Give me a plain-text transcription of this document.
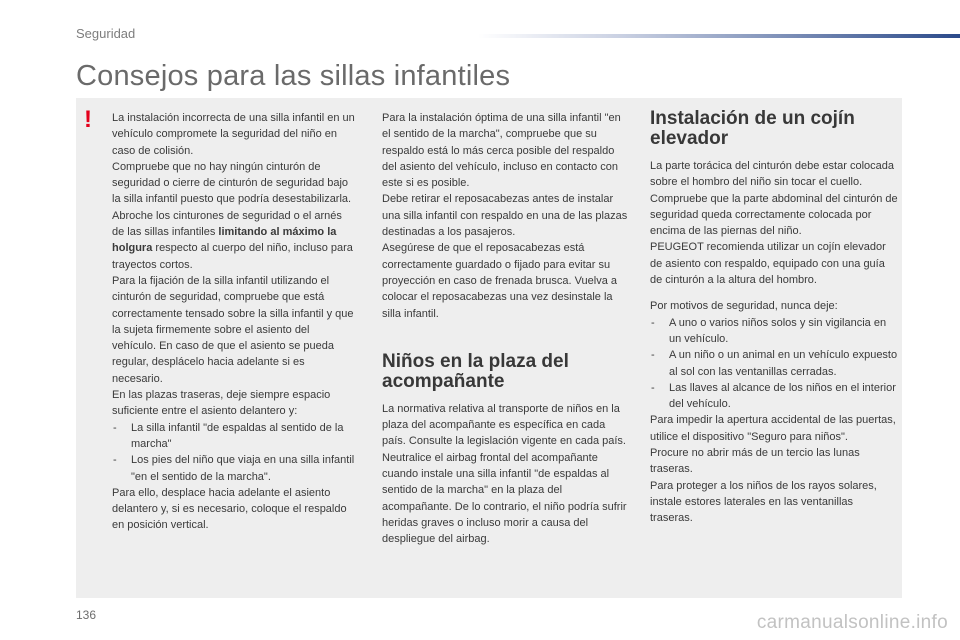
Seguridad
Consejos para las sillas infantiles
! La instalación incorrecta de una silla infantil en un vehículo compromete la seguridad del niño en caso de colisión.

Compruebe que no hay ningún cinturón de seguridad o cierre de cinturón de seguridad bajo la silla infantil puesto que podría desestabilizarla.

Abroche los cinturones de seguridad o el arnés de las sillas infantiles limitando al máximo la holgura respecto al cuerpo del niño, incluso para trayectos cortos.

Para la fijación de la silla infantil utilizando el cinturón de seguridad, compruebe que está correctamente tensado sobre la silla infantil y que la sujeta firmemente sobre el asiento del vehículo. En caso de que el asiento se pueda regular, desplácelo hacia adelante si es necesario.

En las plazas traseras, deje siempre espacio suficiente entre el asiento delantero y:

- La silla infantil "de espaldas al sentido de la marcha"
- Los pies del niño que viaja en una silla infantil "en el sentido de la marcha".

Para ello, desplace hacia adelante el asiento delantero y, si es necesario, coloque el respaldo en posición vertical.

Para la instalación óptima de una silla infantil "en el sentido de la marcha", compruebe que su respaldo está lo más cerca posible del respaldo del asiento del vehículo, incluso en contacto con este si es posible.

Debe retirar el reposacabezas antes de instalar una silla infantil con respaldo en una de las plazas destinadas a los pasajeros.

Asegúrese de que el reposacabezas está correctamente guardado o fijado para evitar su proyección en caso de frenada brusca. Vuelva a colocar el reposacabezas una vez desinstale la silla infantil.

Niños en la plaza del acompañante

La normativa relativa al transporte de niños en la plaza del acompañante es específica en cada país. Consulte la legislación vigente en cada país.

Neutralice el airbag frontal del acompañante cuando instale una silla infantil "de espaldas al sentido de la marcha" en la plaza del acompañante. De lo contrario, el niño podría sufrir heridas graves o incluso morir a causa del despliegue del airbag.

Instalación de un cojín elevador

La parte torácica del cinturón debe estar colocada sobre el hombro del niño sin tocar el cuello.

Compruebe que la parte abdominal del cinturón de seguridad queda correctamente colocada por encima de las piernas del niño.

PEUGEOT recomienda utilizar un cojín elevador de asiento con respaldo, equipado con una guía de cinturón a la altura del hombro.

Por motivos de seguridad, nunca deje:

- A uno o varios niños solos y sin vigilancia en un vehículo.
- A un niño o un animal en un vehículo expuesto al sol con las ventanillas cerradas.
- Las llaves al alcance de los niños en el interior del vehículo.

Para impedir la apertura accidental de las puertas, utilice el dispositivo "Seguro para niños".

Procure no abrir más de un tercio las lunas traseras.

Para proteger a los niños de los rayos solares, instale estores laterales en las ventanillas traseras.

136	carmanualsonline.info
